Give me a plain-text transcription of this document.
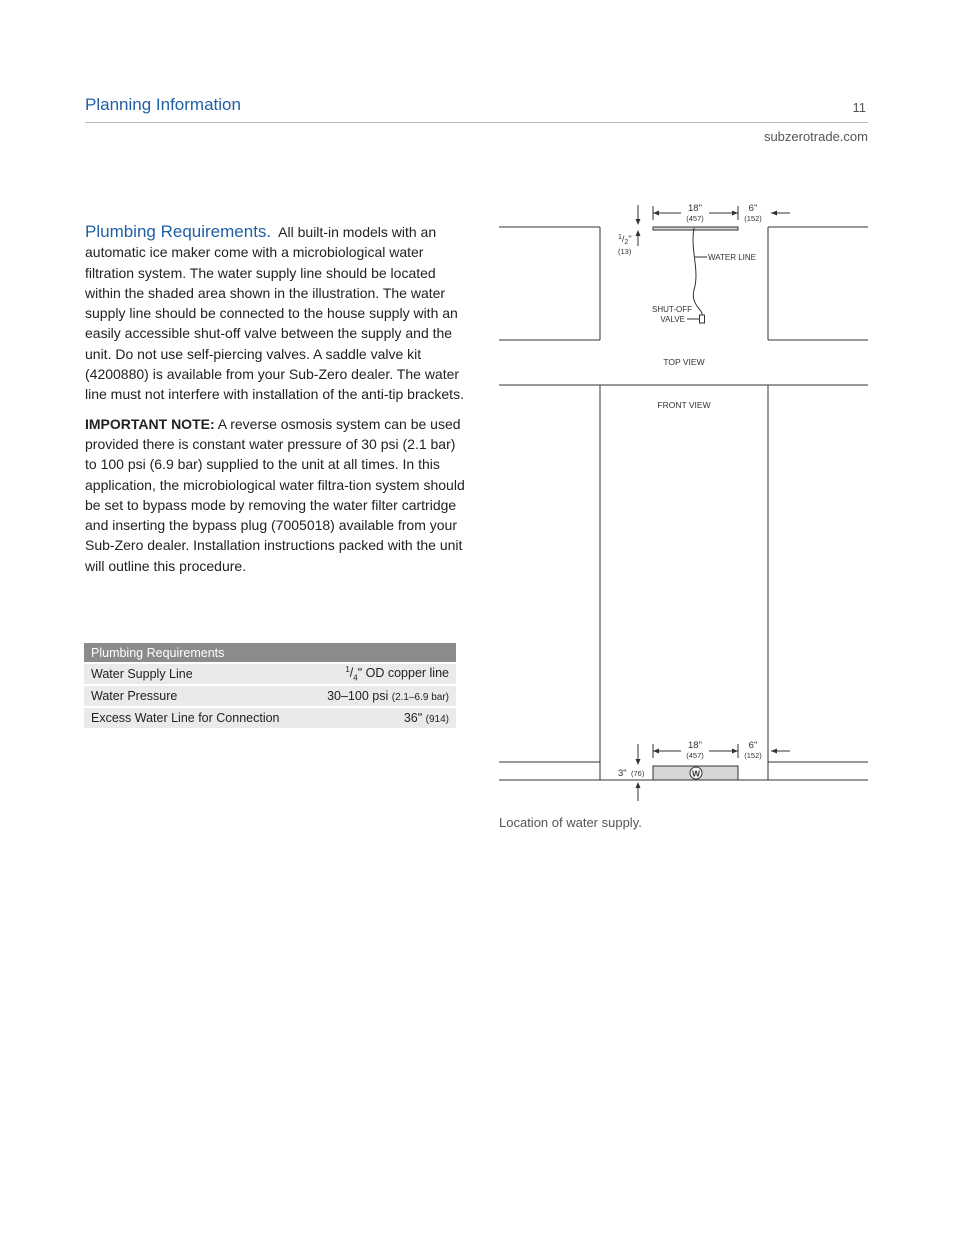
Planning Information	11
subzerotrade.com

Plumbing Requirements. All built-in models with an automatic ice maker come with a microbiological water filtration system. The water supply line should be located within the shaded area shown in the illustration. The water supply line should be connected to the house supply with an easily accessible shut-off valve between the supply and the unit. Do not use self-piercing valves. A saddle valve kit (4200880) is available from your Sub-Zero dealer. The water line must not interfere with installation of the anti-tip brackets.

IMPORTANT NOTE: A reverse osmosis system can be used provided there is constant water pressure of 30 psi (2.1 bar) to 100 psi (6.9 bar) supplied to the unit at all times. In this application, the microbiological water filtra-tion system should be set to bypass mode by removing the water filter cartridge and inserting the bypass plug (7005018) available from your Sub-Zero dealer. Installation instructions packed with the unit will outline this procedure.

Plumbing Requirements	
Water Supply Line	$^1/_4$" OD copper line
Water Pressure	30–100 psi (2.1–6.9 bar)
Excess Water Line for Connection	36" (914)
18"
(457)
6"
(152)
$^1/_2$"
(13)
WATER LINE
SHUT-OFF
VALVE
TOP VIEW
FRONT VIEW
18"
(457)
6"
(152)
3" (76)	W
Location of water supply.
